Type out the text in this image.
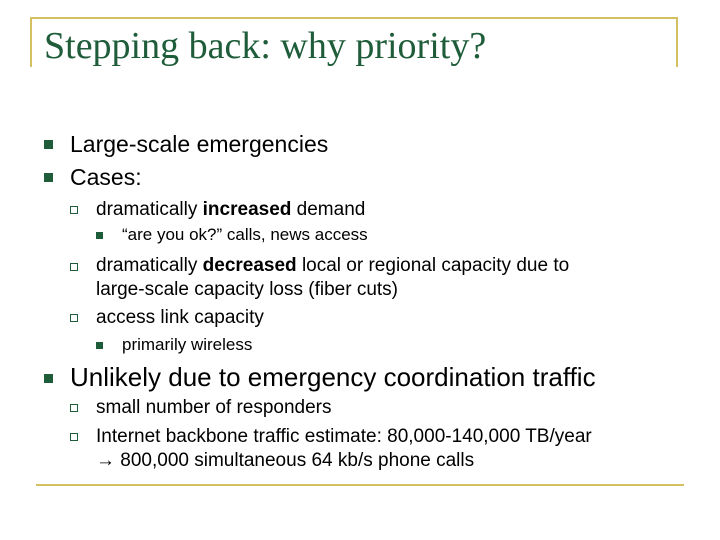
Stepping back: why priority?
Large-scale emergencies
Cases:
dramatically increased demand
“are you ok?” calls, news access
dramatically decreased local or regional capacity due to
large-scale capacity loss (fiber cuts)
access link capacity
primarily wireless
Unlikely due to emergency coordination traffic
small number of responders
Internet backbone traffic estimate: 80,000-140,000 TB/year
→ 800,000 simultaneous 64 kb/s phone calls
